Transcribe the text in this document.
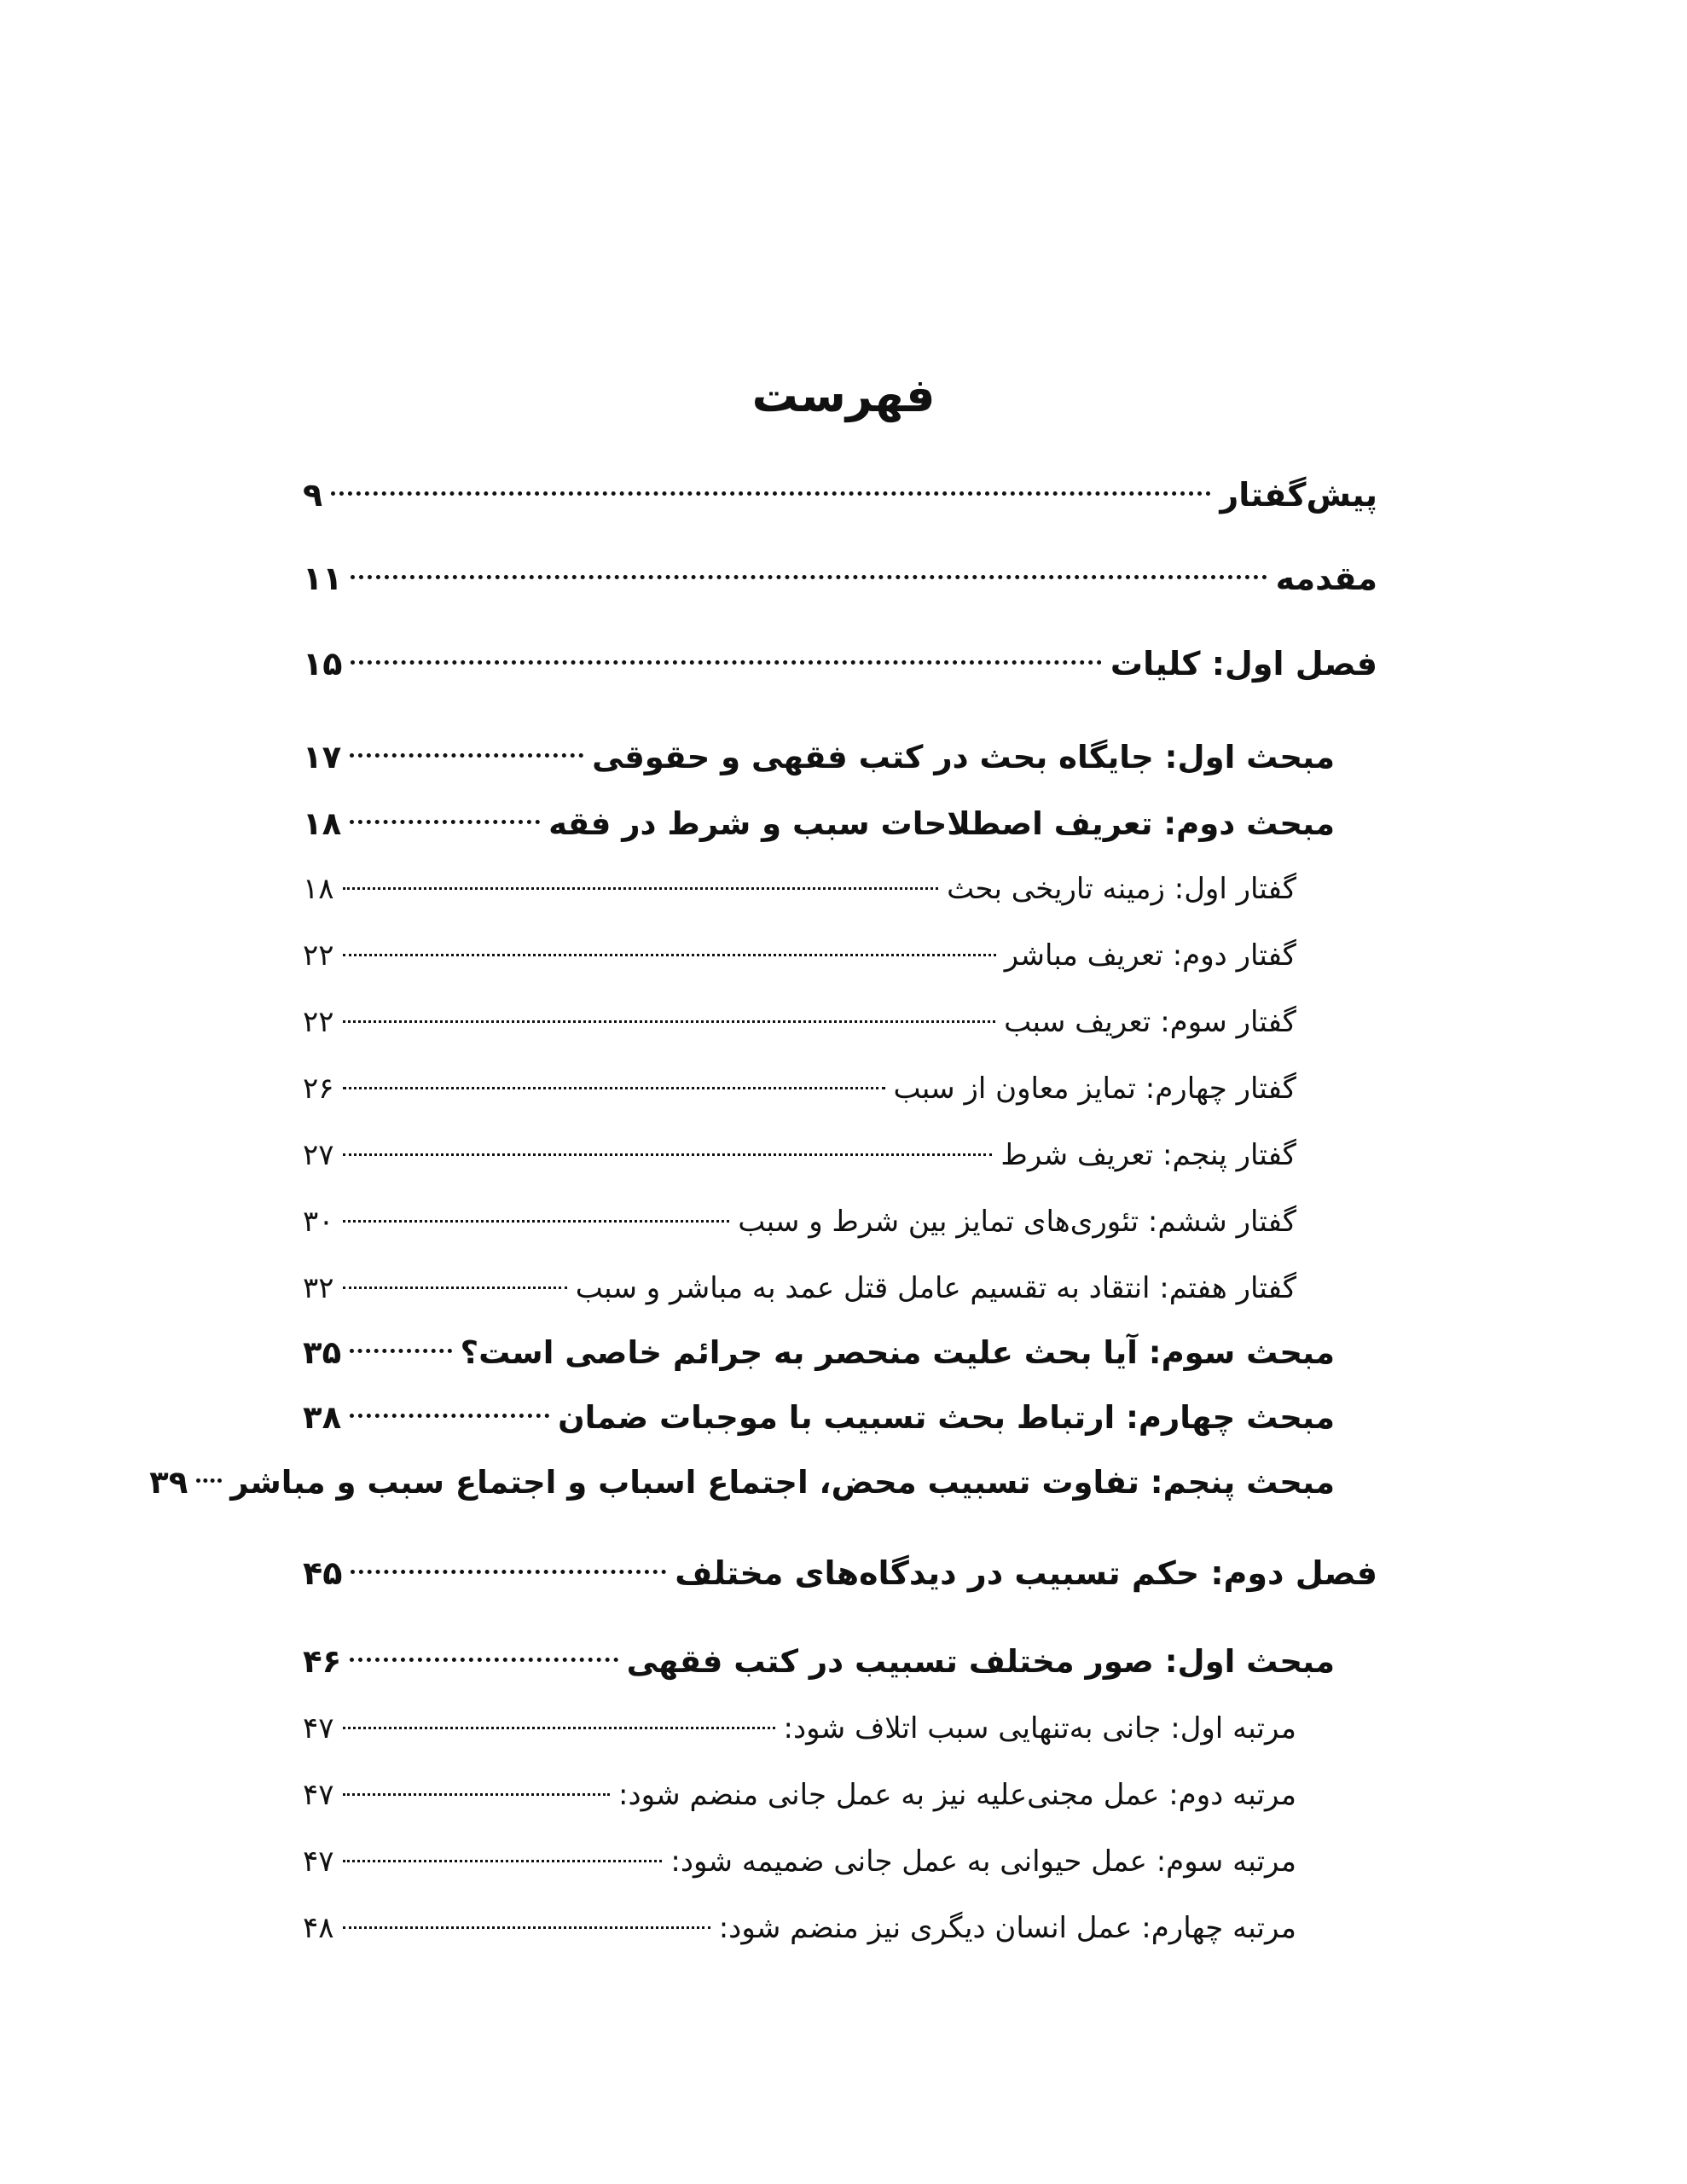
فهرست
پیش‌گفتار
۹
مقدمه
۱۱
فصل اول: کلیات
۱۵
مبحث اول: جایگاه بحث در کتب فقهی و حقوقی
۱۷
مبحث دوم: تعریف اصطلاحات سبب و شرط در فقه
۱۸
گفتار اول: زمینه تاریخی بحث
۱۸
گفتار دوم: تعریف مباشر
۲۲
گفتار سوم: تعریف سبب
۲۲
گفتار چهارم: تمایز معاون از سبب
۲۶
گفتار پنجم: تعریف شرط
۲۷
گفتار ششم: تئوری‌های تمایز بین شرط و سبب
۳۰
گفتار هفتم: انتقاد به تقسیم عامل قتل عمد به مباشر و سبب
۳۲
مبحث سوم: آیا بحث علیت منحصر به جرائم خاصی است؟
۳۵
مبحث چهارم: ارتباط بحث تسبیب با موجبات ضمان
۳۸
مبحث پنجم: تفاوت تسبیب محض، اجتماع اسباب و اجتماع سبب و مباشر
۳۹
فصل دوم: حکم تسبیب در دیدگاه‌های مختلف
۴۵
مبحث اول: صور مختلف تسبیب در کتب فقهی
۴۶
مرتبه اول: جانی به‌تنهایی سبب اتلاف شود:
۴۷
مرتبه دوم: عمل مجنی‌علیه نیز به عمل جانی منضم شود:
۴۷
مرتبه سوم: عمل حیوانی به عمل جانی ضمیمه شود:
۴۷
مرتبه چهارم: عمل انسان دیگری نیز منضم شود:
۴۸
